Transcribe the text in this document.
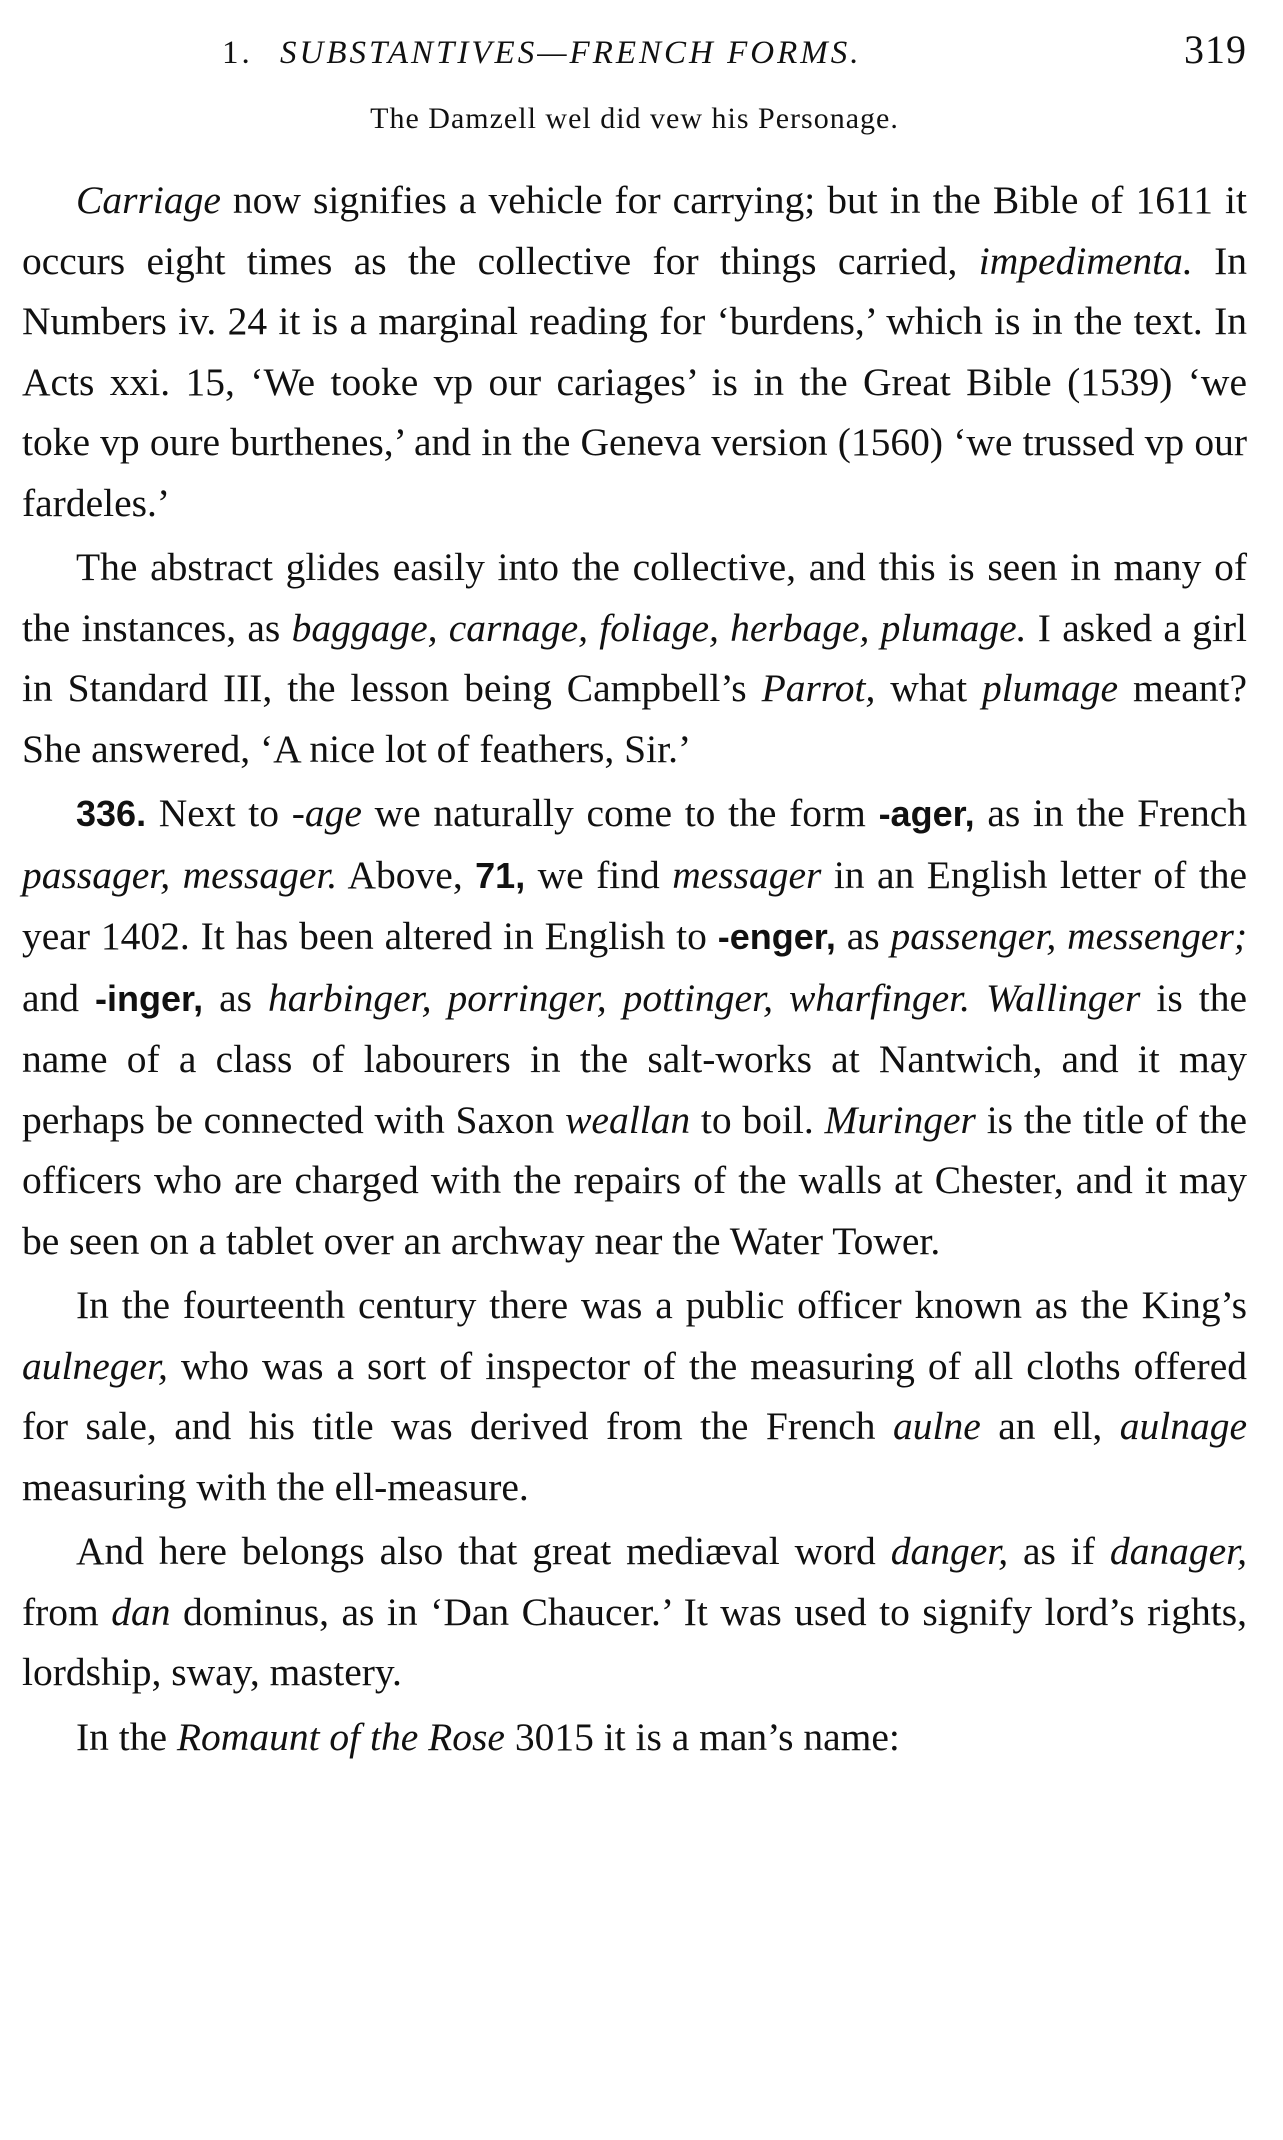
1. SUBSTANTIVES—FRENCH FORMS.	319
The Damzell wel did vew his Personage.

Carriage now signifies a vehicle for carrying; but in the Bible of 1611 it occurs eight times as the collective for things carried, impedimenta. In Numbers iv. 24 it is a marginal reading for ‘burdens,’ which is in the text. In Acts xxi. 15, ‘We tooke vp our cariages’ is in the Great Bible (1539) ‘we toke vp oure burthenes,’ and in the Geneva version (1560) ‘we trussed vp our fardeles.’

The abstract glides easily into the collective, and this is seen in many of the instances, as baggage, carnage, foliage, herbage, plumage. I asked a girl in Standard III, the lesson being Campbell’s Parrot, what plumage meant? She answered, ‘A nice lot of feathers, Sir.’

336. Next to -age we naturally come to the form -ager, as in the French passager, messager. Above, 71, we find messager in an English letter of the year 1402. It has been altered in English to -enger, as passenger, messenger; and -inger, as harbinger, porringer, pottinger, wharfinger. Wallinger is the name of a class of labourers in the salt-works at Nantwich, and it may perhaps be connected with Saxon weallan to boil. Muringer is the title of the officers who are charged with the repairs of the walls at Chester, and it may be seen on a tablet over an archway near the Water Tower.

In the fourteenth century there was a public officer known as the King’s aulneger, who was a sort of inspector of the measuring of all cloths offered for sale, and his title was derived from the French aulne an ell, aulnage measuring with the ell-measure.

And here belongs also that great mediæval word danger, as if danager, from dan dominus, as in ‘Dan Chaucer.’ It was used to signify lord’s rights, lordship, sway, mastery.

In the Romaunt of the Rose 3015 it is a man’s name:
